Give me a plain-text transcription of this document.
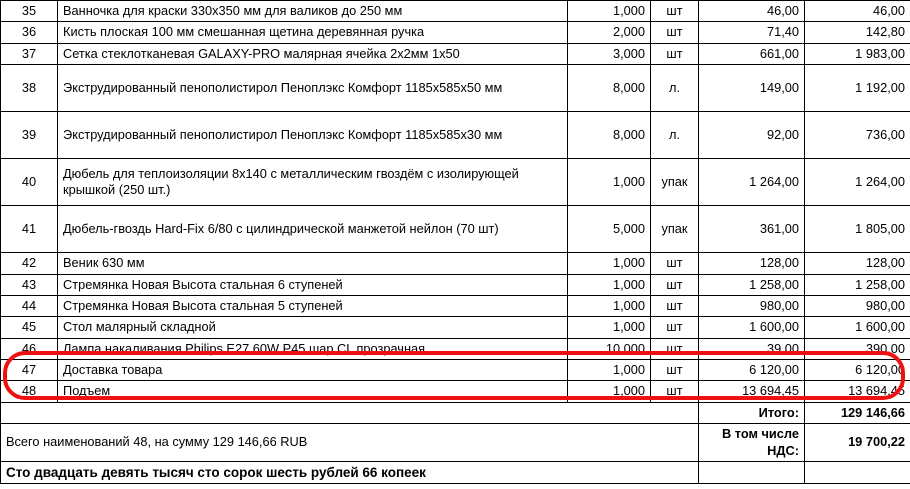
35	Ванночка для краски 330х350 мм для валиков до 250 мм	1,000	шт	46,00	46,00
36	Кисть плоская 100 мм смешанная щетина деревянная ручка	2,000	шт	71,40	142,80
37	Сетка стеклотканевая GALAXY-PRO малярная ячейка 2х2мм 1х50	3,000	шт	661,00	1 983,00
38	Экструдированный пенополистирол Пеноплэкс Комфорт 1185х585х50 мм	8,000	л.	149,00	1 192,00
39	Экструдированный пенополистирол Пеноплэкс Комфорт 1185х585х30 мм	8,000	л.	92,00	736,00
40	Дюбель для теплоизоляции 8х140 с металлическим гвоздём с изолирующей крышкой (250 шт.)	1,000	упак	1 264,00	1 264,00
41	Дюбель-гвоздь Hard-Fix 6/80 с цилиндрической манжетой нейлон (70 шт)	5,000	упак	361,00	1 805,00
42	Веник 630 мм	1,000	шт	128,00	128,00
43	Стремянка Новая Высота стальная 6 ступеней	1,000	шт	1 258,00	1 258,00
44	Стремянка Новая Высота стальная 5 ступеней	1,000	шт	980,00	980,00
45	Стол малярный складной	1,000	шт	1 600,00	1 600,00
46	Лампа накаливания Philips E27 60W P45 шар CL прозрачная	10,000	шт	39,00	390,00
47	Доставка товара	1,000	шт	6 120,00	6 120,00
48	Подъем	1,000	шт	13 694,45	13 694,45
				Итого:	129 146,66
Всего наименований 48, на сумму 129 146,66 RUB				В том числе НДС:	19 700,22
Сто двадцать девять тысяч сто сорок шесть рублей 66 копеек					
